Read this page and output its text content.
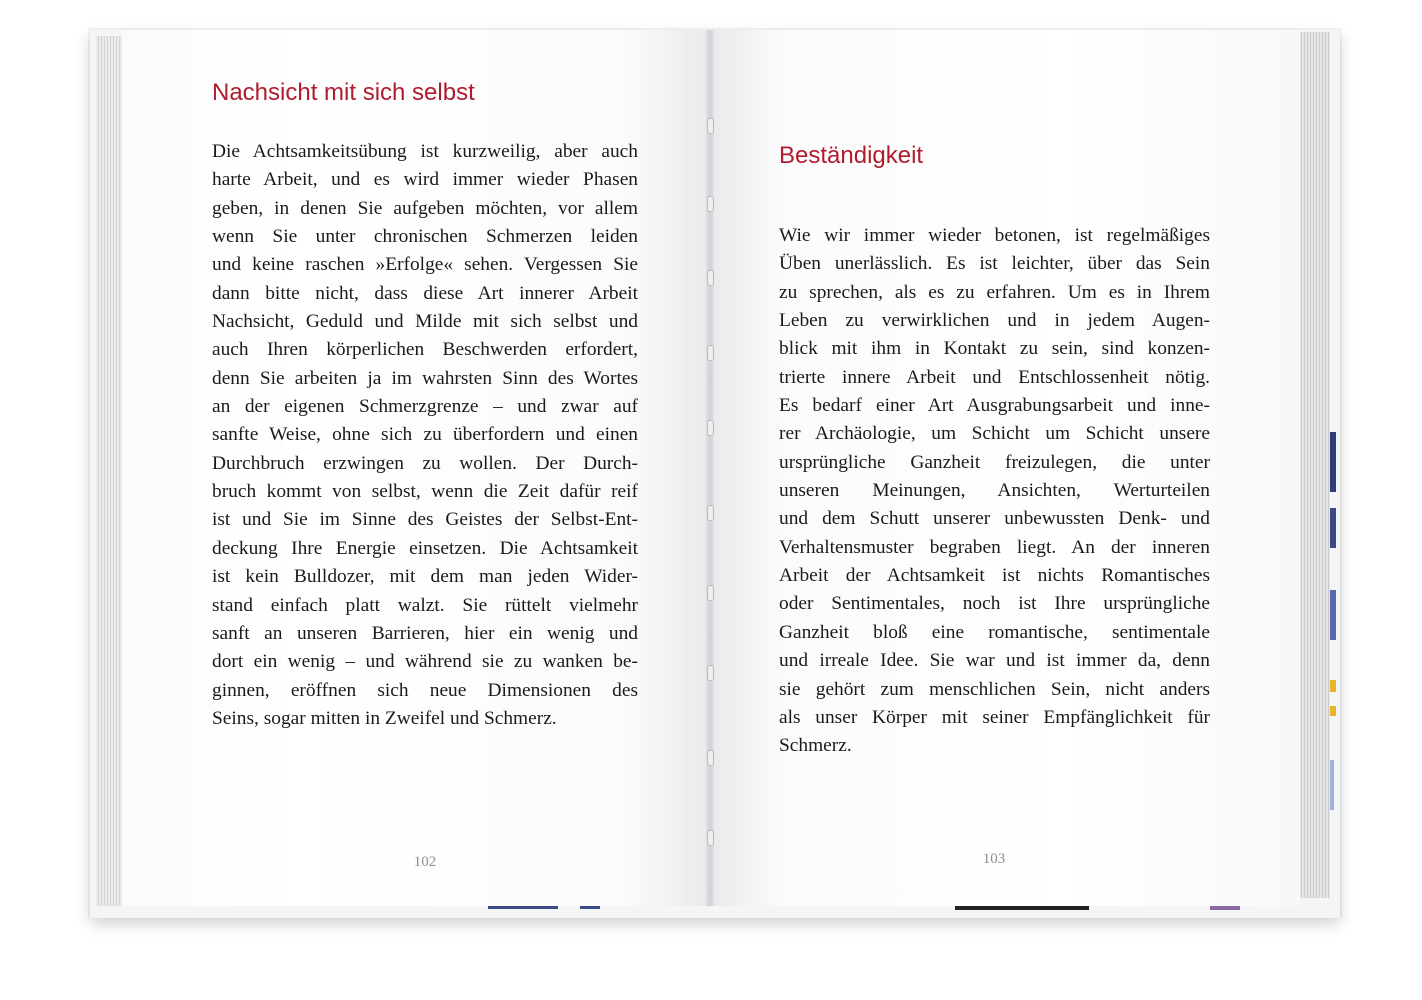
Nachsicht mit sich selbst
Die Achtsamkeitsübung ist kurzweilig, aber auch
harte Arbeit, und es wird immer wieder Phasen
geben, in denen Sie aufgeben möchten, vor allem
wenn Sie unter chronischen Schmerzen leiden
und keine raschen »Erfolge« sehen. Vergessen Sie
dann bitte nicht, dass diese Art innerer Arbeit
Nachsicht, Geduld und Milde mit sich selbst und
auch Ihren körperlichen Beschwerden erfordert,
denn Sie arbeiten ja im wahrsten Sinn des Wortes
an der eigenen Schmerzgrenze – und zwar auf
sanfte Weise, ohne sich zu überfordern und einen
Durchbruch erzwingen zu wollen. Der Durch-
bruch kommt von selbst, wenn die Zeit dafür reif
ist und Sie im Sinne des Geistes der Selbst-Ent-
deckung Ihre Energie einsetzen. Die Achtsamkeit
ist kein Bulldozer, mit dem man jeden Wider-
stand einfach platt walzt. Sie rüttelt vielmehr
sanft an unseren Barrieren, hier ein wenig und
dort ein wenig – und während sie zu wanken be-
ginnen, eröffnen sich neue Dimensionen des
Seins, sogar mitten in Zweifel und Schmerz.
102
Beständigkeit
Wie wir immer wieder betonen, ist regelmäßiges
Üben unerlässlich. Es ist leichter, über das Sein
zu sprechen, als es zu erfahren. Um es in Ihrem
Leben zu verwirklichen und in jedem Augen-
blick mit ihm in Kontakt zu sein, sind konzen-
trierte innere Arbeit und Entschlossenheit nötig.
Es bedarf einer Art Ausgrabungsarbeit und inne-
rer Archäologie, um Schicht um Schicht unsere
ursprüngliche Ganzheit freizulegen, die unter
unseren Meinungen, Ansichten, Werturteilen
und dem Schutt unserer unbewussten Denk- und
Verhaltensmuster begraben liegt. An der inneren
Arbeit der Achtsamkeit ist nichts Romantisches
oder Sentimentales, noch ist Ihre ursprüngliche
Ganzheit bloß eine romantische, sentimentale
und irreale Idee. Sie war und ist immer da, denn
sie gehört zum menschlichen Sein, nicht anders
als unser Körper mit seiner Empfänglichkeit für
Schmerz.
103
